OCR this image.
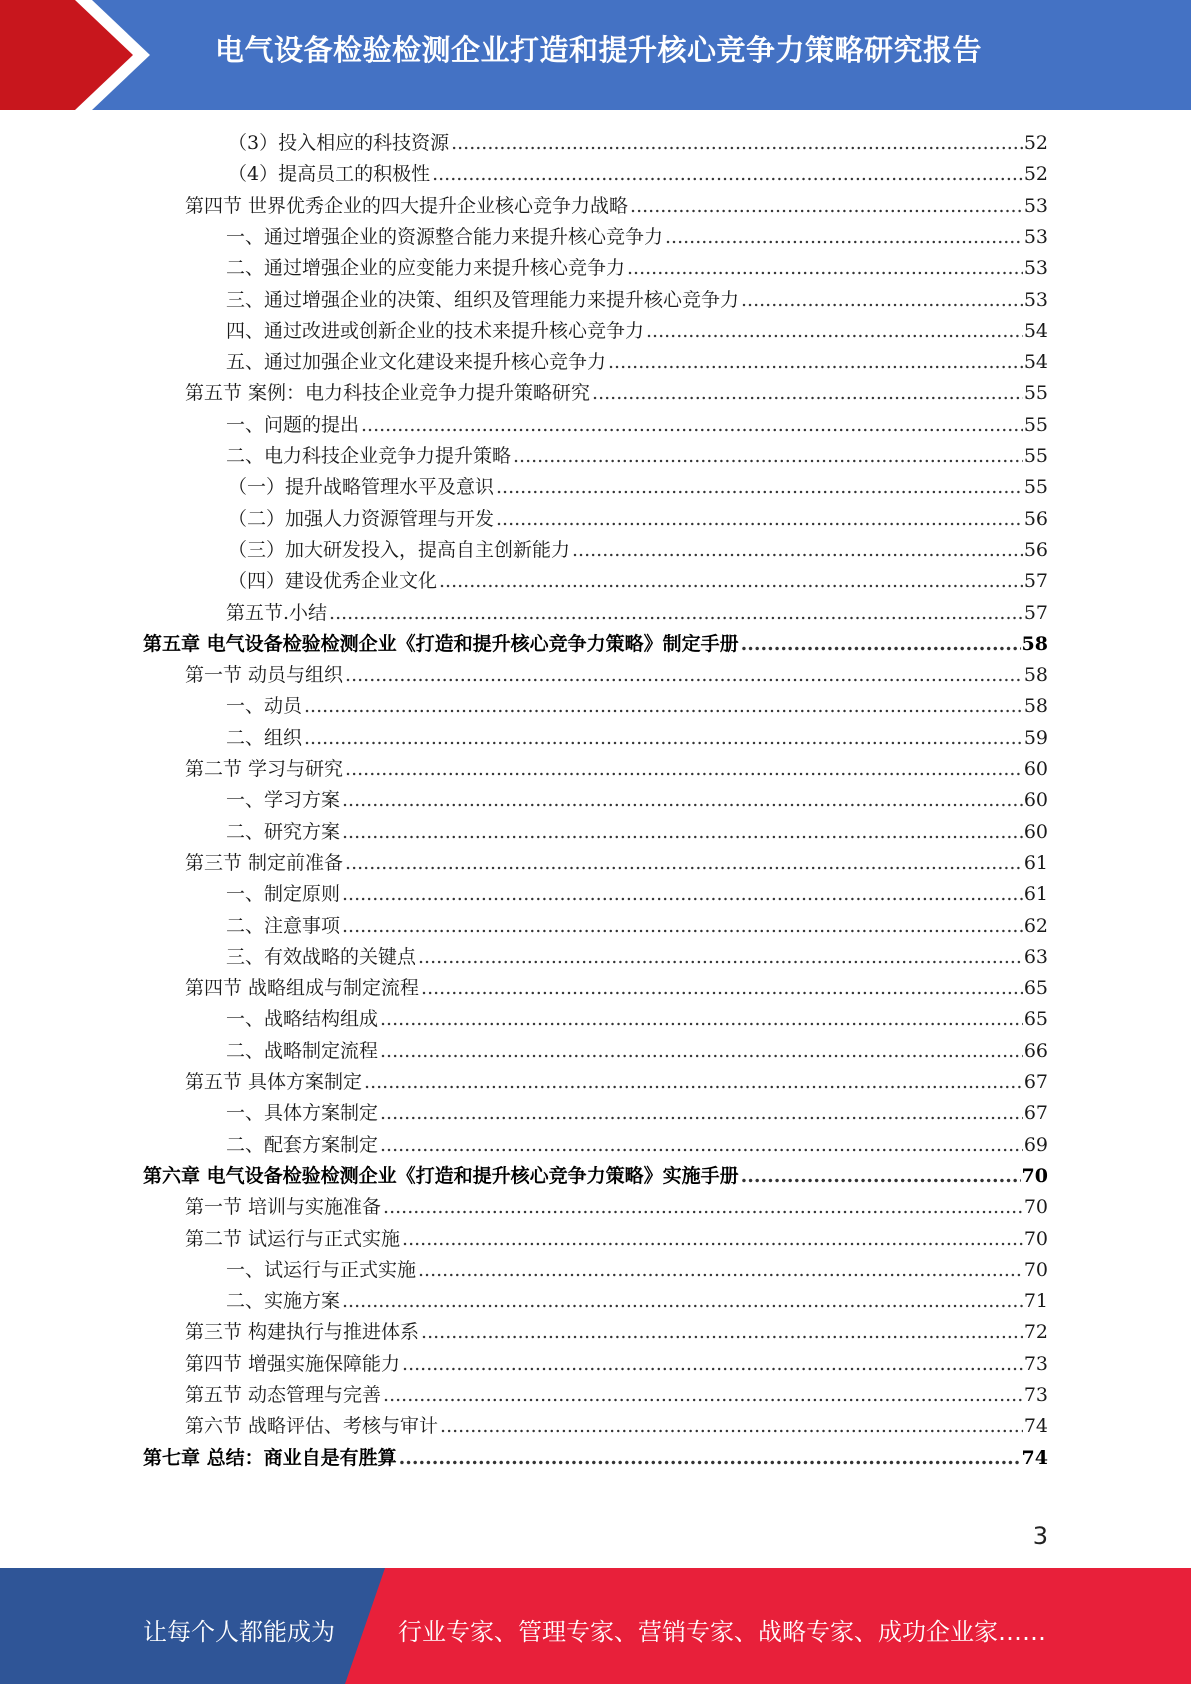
电气设备检验检测企业打造和提升核心竞争力策略研究报告
（3）投入相应的科技资源 .....	52
（4）提高员工的积极性 .....	52
第四节 世界优秀企业的四大提升企业核心竞争力战略 .....	53
一、通过增强企业的资源整合能力来提升核心竞争力 .....	53
二、通过增强企业的应变能力来提升核心竞争力 .....	53
三、通过增强企业的决策、组织及管理能力来提升核心竞争力 .....	53
四、通过改进或创新企业的技术来提升核心竞争力 .....	54
五、通过加强企业文化建设来提升核心竞争力 .....	54
第五节 案例：电力科技企业竞争力提升策略研究 .....	55
一、问题的提出 .....	55
二、电力科技企业竞争力提升策略 .....	55
（一）提升战略管理水平及意识 .....	55
（二）加强人力资源管理与开发 .....	56
（三）加大研发投入，提高自主创新能力 .....	56
（四）建设优秀企业文化 .....	57
第五节.小结 .....	57
第五章 电气设备检验检测企业《打造和提升核心竞争力策略》制定手册 .....	58
第一节 动员与组织 .....	58
一、动员 .....	58
二、组织 .....	59
第二节 学习与研究 .....	60
一、学习方案 .....	60
二、研究方案 .....	60
第三节 制定前准备 .....	61
一、制定原则 .....	61
二、注意事项 .....	62
三、有效战略的关键点 .....	63
第四节 战略组成与制定流程 .....	65
一、战略结构组成 .....	65
二、战略制定流程 .....	66
第五节 具体方案制定 .....	67
一、具体方案制定 .....	67
二、配套方案制定 .....	69
第六章 电气设备检验检测企业《打造和提升核心竞争力策略》实施手册 .....	70
第一节 培训与实施准备 .....	70
第二节 试运行与正式实施 .....	70
一、试运行与正式实施 .....	70
二、实施方案 .....	71
第三节 构建执行与推进体系 .....	72
第四节 增强实施保障能力 .....	73
第五节 动态管理与完善 .....	73
第六节 战略评估、考核与审计 .....	74
第七章 总结：商业自是有胜算 .....	74
3
让每个人都能成为	行业专家、管理专家、营销专家、战略专家、成功企业家……
